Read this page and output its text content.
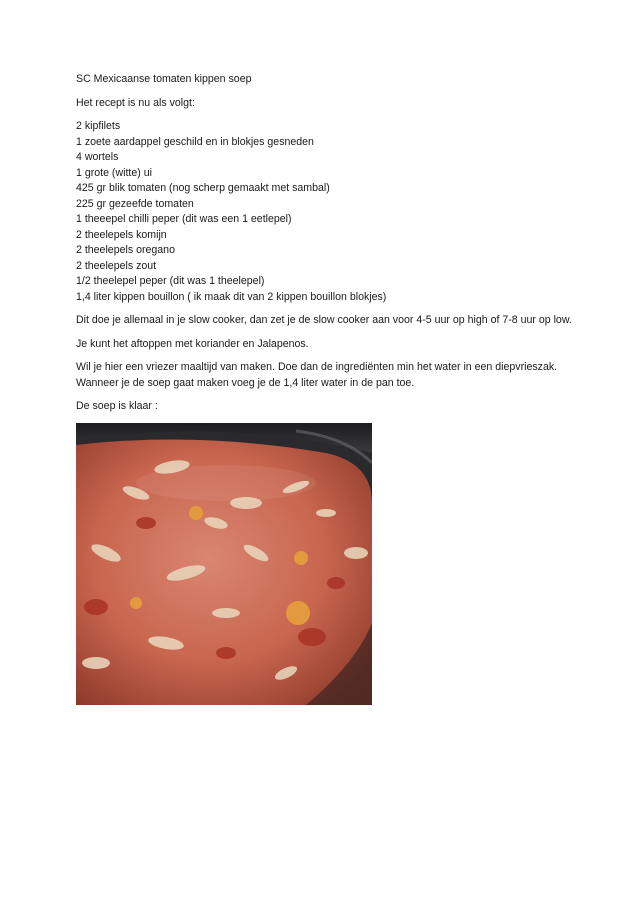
SC Mexicaanse tomaten kippen soep

Het recept is nu als volgt:

2 kipfilets
1 zoete aardappel geschild en in blokjes gesneden
4 wortels
1 grote (witte) ui
425 gr blik tomaten (nog scherp gemaakt met sambal)
225 gr gezeefde tomaten
1 theeepel chilli peper (dit was een 1 eetlepel)
2 theelepels komijn
2 theelepels oregano
2 theelepels zout
1/2 theelepel peper (dit was 1 theelepel)
1,4 liter kippen bouillon ( ik maak dit van 2 kippen bouillon blokjes)

Dit doe je allemaal in je slow cooker, dan zet je de slow cooker aan voor 4-5 uur op high of 7-8 uur op low.

Je kunt het aftoppen met koriander en Jalapenos.

Wil je hier een vriezer maaltijd van maken. Doe dan de ingrediënten min het water in een diepvrieszak. Wanneer je de soep gaat maken voeg je de 1,4 liter water in de pan toe.

De soep is klaar :
